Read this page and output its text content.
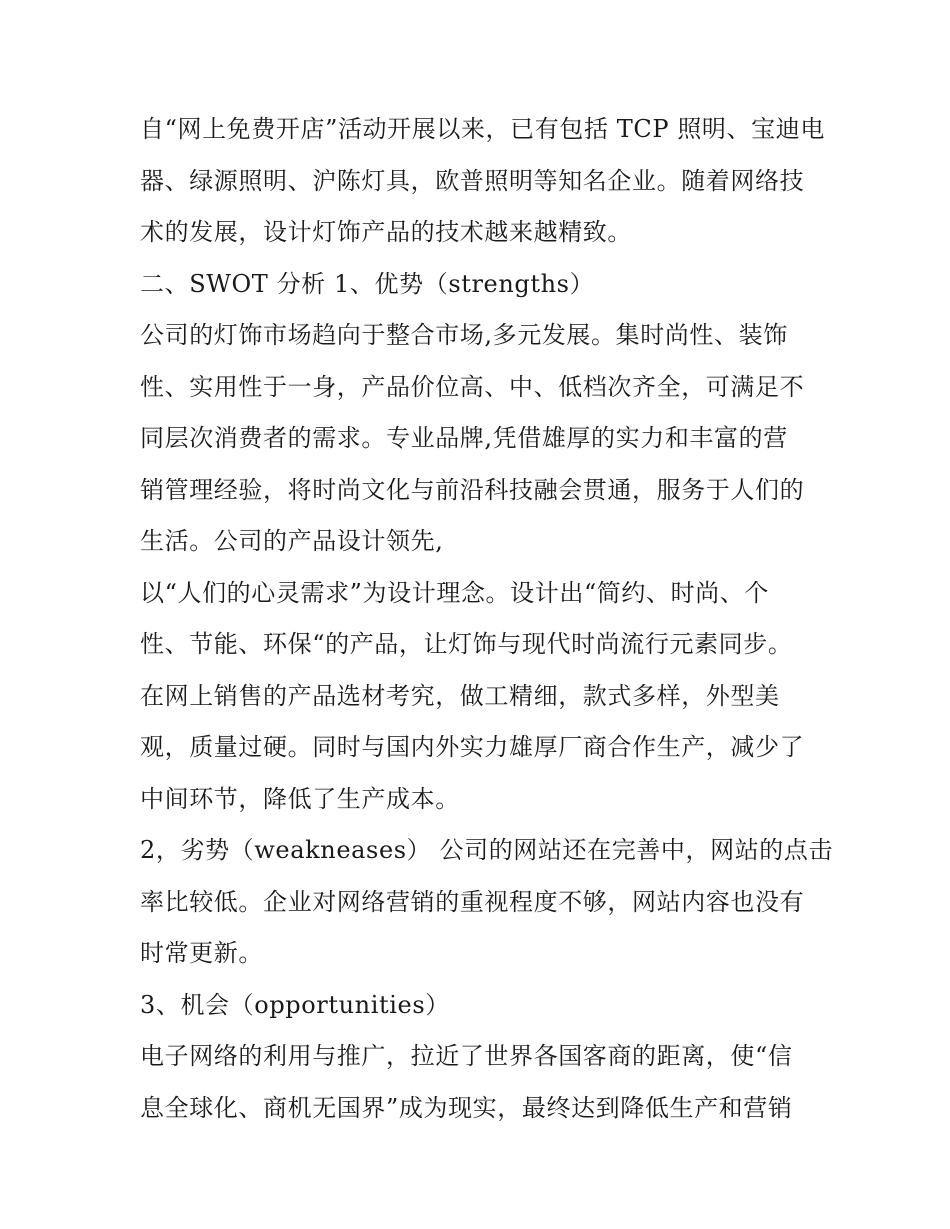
自“网上免费开店”活动开展以来，已有包括 TCP 照明、宝迪电
器、绿源照明、沪陈灯具，欧普照明等知名企业。随着网络技
术的发展，设计灯饰产品的技术越来越精致。
二、SWOT 分析 1、优势（strengths）
公司的灯饰市场趋向于整合市场,多元发展。集时尚性、装饰
性、实用性于一身，产品价位高、中、低档次齐全，可满足不
同层次消费者的需求。专业品牌,凭借雄厚的实力和丰富的营
销管理经验，将时尚文化与前沿科技融会贯通，服务于人们的
生活。公司的产品设计领先,
以“人们的心灵需求”为设计理念。设计出“简约、时尚、个
性、节能、环保“的产品，让灯饰与现代时尚流行元素同步。
在网上销售的产品选材考究，做工精细，款式多样，外型美
观，质量过硬。同时与国内外实力雄厚厂商合作生产，减少了
中间环节，降低了生产成本。
2，劣势（weakneases） 公司的网站还在完善中，网站的点击
率比较低。企业对网络营销的重视程度不够，网站内容也没有
时常更新。
3、机会（opportunities）
电子网络的利用与推广，拉近了世界各国客商的距离，使“信
息全球化、商机无国界”成为现实，最终达到降低生产和营销
